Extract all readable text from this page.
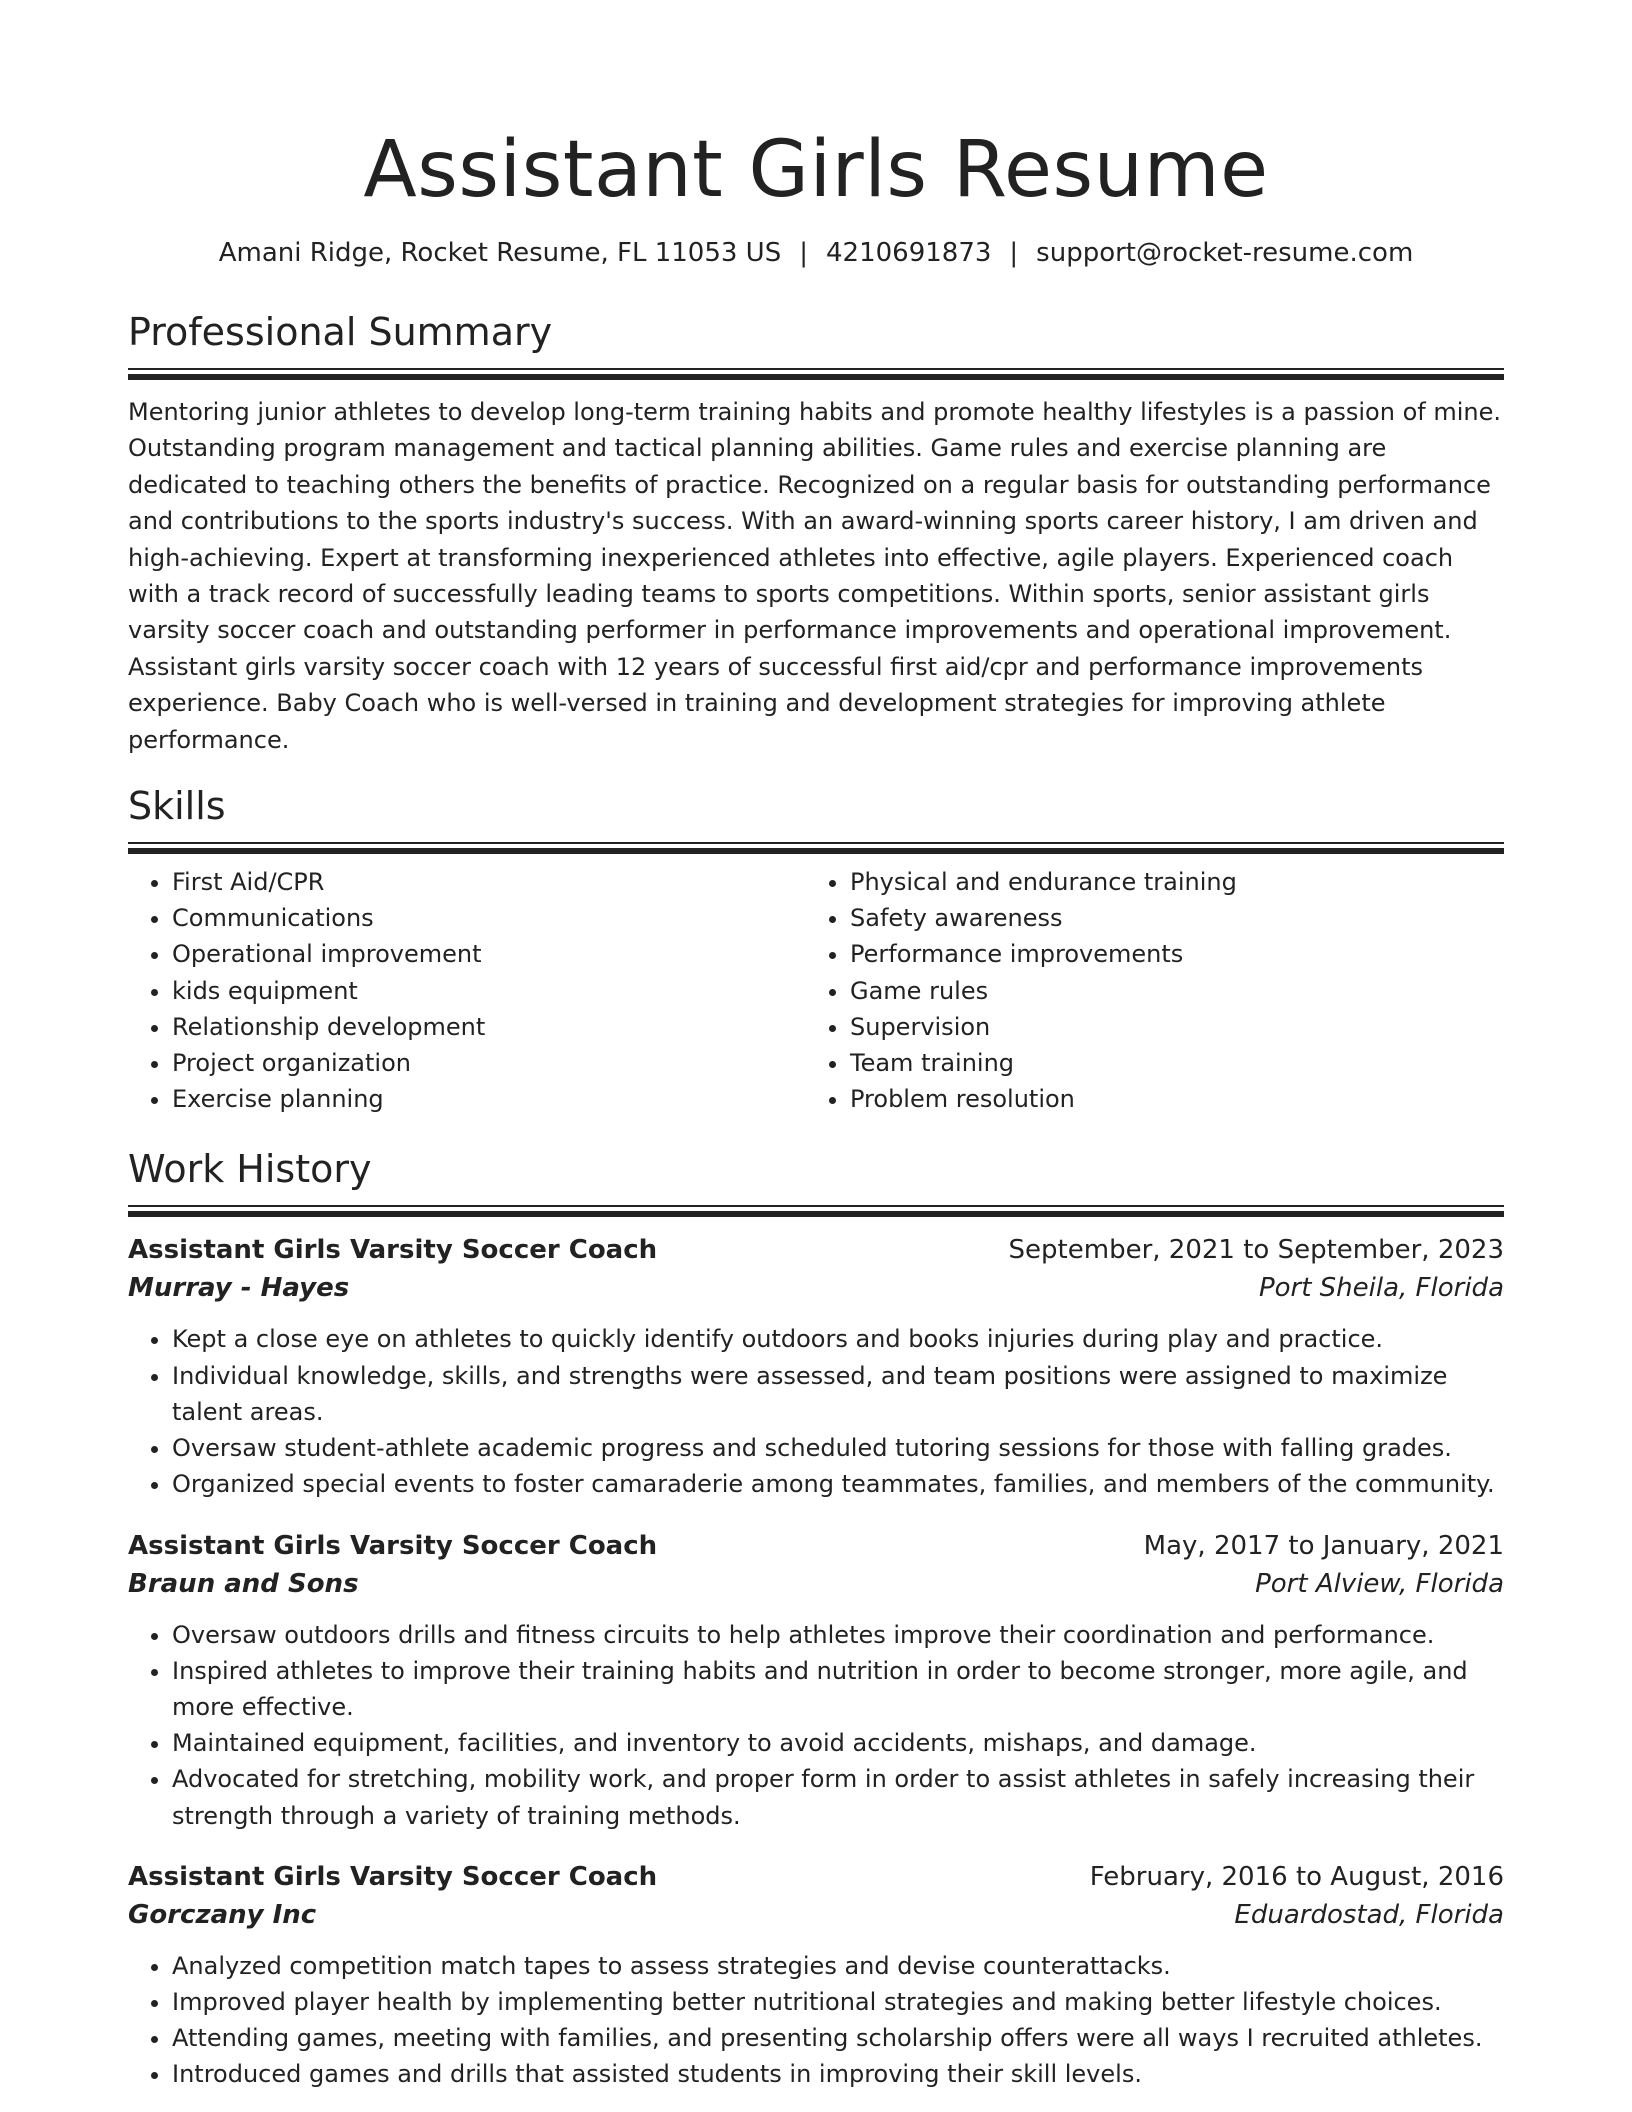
Assistant Girls Resume
Amani Ridge, Rocket Resume, FL 11053 US | 4210691873 | support@rocket-resume.com
Professional Summary

Mentoring junior athletes to develop long-term training habits and promote healthy lifestyles is a passion of mine. Outstanding program management and tactical planning abilities. Game rules and exercise planning are dedicated to teaching others the benefits of practice. Recognized on a regular basis for outstanding performance and contributions to the sports industry's success. With an award-winning sports career history, I am driven and high-achieving. Expert at transforming inexperienced athletes into effective, agile players. Experienced coach with a track record of successfully leading teams to sports competitions. Within sports, senior assistant girls varsity soccer coach and outstanding performer in performance improvements and operational improvement. Assistant girls varsity soccer coach with 12 years of successful first aid/cpr and performance improvements experience. Baby Coach who is well-versed in training and development strategies for improving athlete performance.

Skills
• First Aid/CPR
• Communications
• Operational improvement
• kids equipment
• Relationship development
• Project organization
• Exercise planning
• Physical and endurance training
• Safety awareness
• Performance improvements
• Game rules
• Supervision
• Team training
• Problem resolution
Work History
Assistant Girls Varsity Soccer Coach	September, 2021 to September, 2023
Murray - Hayes	Port Sheila, Florida
• Kept a close eye on athletes to quickly identify outdoors and books injuries during play and practice.
• Individual knowledge, skills, and strengths were assessed, and team positions were assigned to maximize talent areas.
• Oversaw student-athlete academic progress and scheduled tutoring sessions for those with falling grades.
• Organized special events to foster camaraderie among teammates, families, and members of the community.
Assistant Girls Varsity Soccer Coach	May, 2017 to January, 2021
Braun and Sons	Port Alview, Florida
• Oversaw outdoors drills and fitness circuits to help athletes improve their coordination and performance.
• Inspired athletes to improve their training habits and nutrition in order to become stronger, more agile, and more effective.
• Maintained equipment, facilities, and inventory to avoid accidents, mishaps, and damage.
• Advocated for stretching, mobility work, and proper form in order to assist athletes in safely increasing their strength through a variety of training methods.
Assistant Girls Varsity Soccer Coach	February, 2016 to August, 2016
Gorczany Inc	Eduardostad, Florida
• Analyzed competition match tapes to assess strategies and devise counterattacks.
• Improved player health by implementing better nutritional strategies and making better lifestyle choices.
• Attending games, meeting with families, and presenting scholarship offers were all ways I recruited athletes.
• Introduced games and drills that assisted students in improving their skill levels.
